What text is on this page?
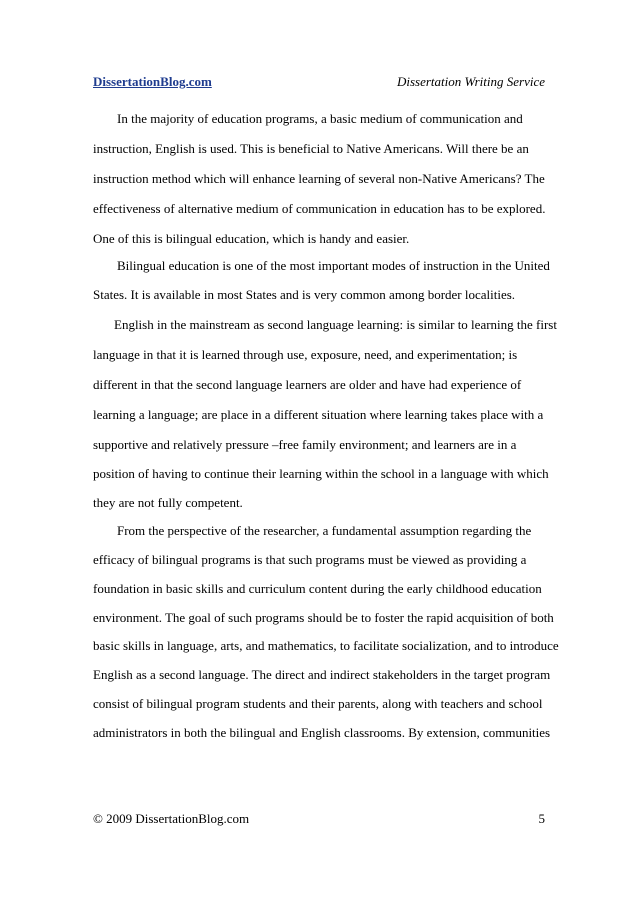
DissertationBlog.com	Dissertation Writing Service
In the majority of education programs, a basic medium of communication and
instruction, English is used. This is beneficial to Native Americans. Will there be an
instruction method which will enhance learning of several non-Native Americans? The
effectiveness of alternative medium of communication in education has to be explored.
One of this is bilingual education, which is handy and easier.
Bilingual education is one of the most important modes of instruction in the United
States. It is available in most States and is very common among border localities.
English in the mainstream as second language learning: is similar to learning the first
language in that it is learned through use, exposure, need, and experimentation; is
different in that the second language learners are older and have had experience of
learning a language; are place in a different situation where learning takes place with a
supportive and relatively pressure –free family environment; and learners are in a
position of having to continue their learning within the school in a language with which
they are not fully competent.
From the perspective of the researcher, a fundamental assumption regarding the
efficacy of bilingual programs is that such programs must be viewed as providing a
foundation in basic skills and curriculum content during the early childhood education
environment. The goal of such programs should be to foster the rapid acquisition of both
basic skills in language, arts, and mathematics, to facilitate socialization, and to introduce
English as a second language. The direct and indirect stakeholders in the target program
consist of bilingual program students and their parents, along with teachers and school
administrators in both the bilingual and English classrooms. By extension, communities
© 2009 DissertationBlog.com	5
